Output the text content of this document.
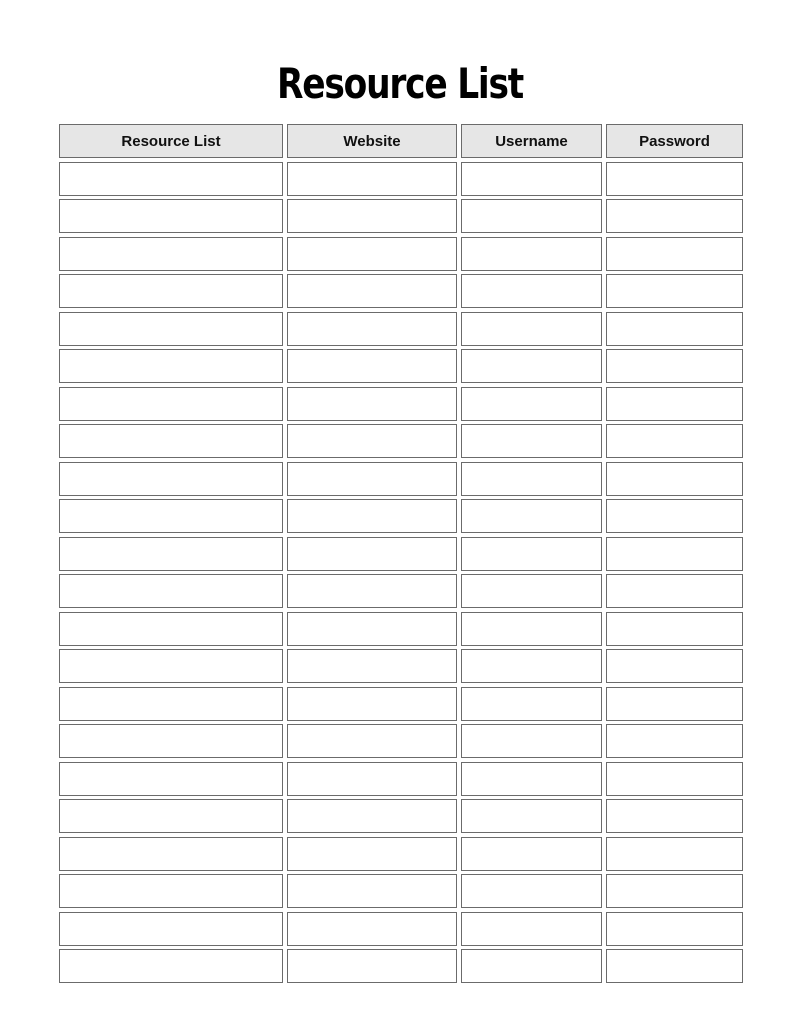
Resource List
Resource List	Website	Username	Password
